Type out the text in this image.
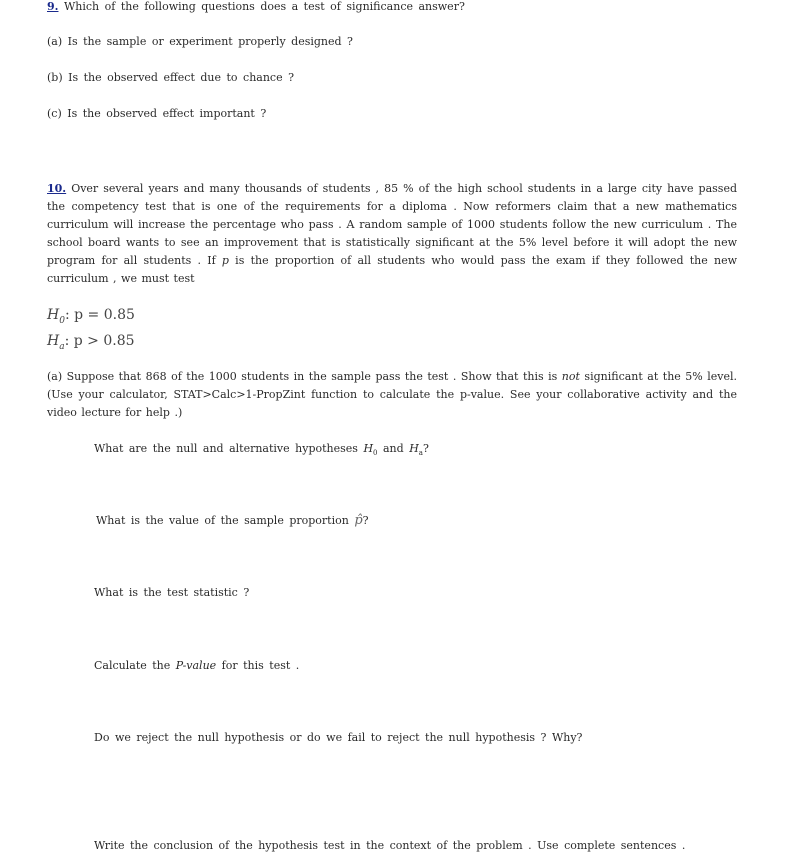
9. Which of the following questions does a test of significance answer?
(a) Is the sample or experiment properly designed ?
(b) Is the observed effect due to chance ?
(c) Is the observed effect important ?
10. Over several years and many thousands of students , 85 % of the high school students in a large city have passed the competency test that is one of the requirements for a diploma . Now reformers claim that a new mathematics curriculum will increase the percentage who pass . A random sample of 1000 students follow the new curriculum . The school board wants to see an improvement that is statistically significant at the 5% level before it will adopt the new program for all students . If p is the proportion of all students who would pass the exam if they followed the new curriculum , we must test
$H_0$: p = 0.85
$H_a$: p > 0.85
(a) Suppose that 868 of the 1000 students in the sample pass the test . Show that this is not significant at the 5% level. (Use your calculator, STAT>Calc>1-PropZint function to calculate the p-value. See your collaborative activity and the video lecture for help .)
What are the null and alternative hypotheses $H_0$ and $H_a$?
What is the value of the sample proportion p̂?
What is the test statistic ?
Calculate the P-value for this test .
Do we reject the null hypothesis or do we fail to reject the null hypothesis ? Why?
Write the conclusion of the hypothesis test in the context of the problem . Use complete sentences .
